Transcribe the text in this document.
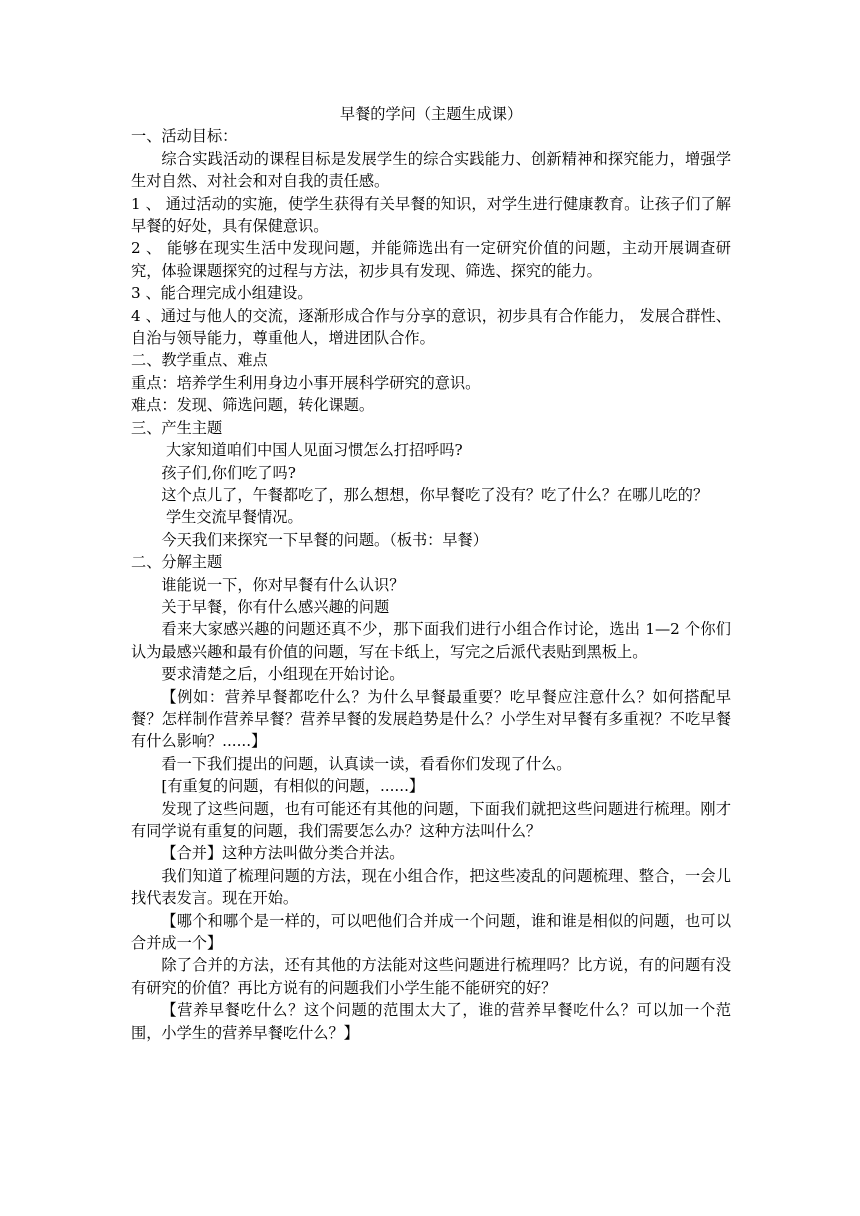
早餐的学问（主题生成课）

一、活动目标：

综合实践活动的课程目标是发展学生的综合实践能力、创新精神和探究能力，增强学生对自然、对社会和对自我的责任感。

1 、 通过活动的实施，使学生获得有关早餐的知识，对学生进行健康教育。让孩子们了解早餐的好处，具有保健意识。

2 、 能够在现实生活中发现问题，并能筛选出有一定研究价值的问题，主动开展调查研究，体验课题探究的过程与方法，初步具有发现、筛选、探究的能力。

3 、能合理完成小组建设。

4 、通过与他人的交流，逐渐形成合作与分享的意识，初步具有合作能力， 发展合群性、自治与领导能力，尊重他人，增进团队合作。

二、教学重点、难点

重点：培养学生利用身边小事开展科学研究的意识。

难点：发现、筛选问题，转化课题。

三、产生主题

大家知道咱们中国人见面习惯怎么打招呼吗?

孩子们,你们吃了吗?

这个点儿了，午餐都吃了，那么想想，你早餐吃了没有？吃了什么？在哪儿吃的？

学生交流早餐情况。

今天我们来探究一下早餐的问题。（板书：早餐）

二、分解主题

谁能说一下，你对早餐有什么认识？

关于早餐，你有什么感兴趣的问题

看来大家感兴趣的问题还真不少，那下面我们进行小组合作讨论，选出 1—2 个你们认为最感兴趣和最有价值的问题，写在卡纸上，写完之后派代表贴到黑板上。

要求清楚之后，小组现在开始讨论。

【例如：营养早餐都吃什么？为什么早餐最重要？吃早餐应注意什么？如何搭配早餐？怎样制作营养早餐？营养早餐的发展趋势是什么？小学生对早餐有多重视？不吃早餐有什么影响？......】

看一下我们提出的问题，认真读一读，看看你们发现了什么。

[有重复的问题，有相似的问题，......】

发现了这些问题，也有可能还有其他的问题，下面我们就把这些问题进行梳理。刚才有同学说有重复的问题，我们需要怎么办？这种方法叫什么？

【合并】这种方法叫做分类合并法。

我们知道了梳理问题的方法，现在小组合作，把这些凌乱的问题梳理、整合，一会儿找代表发言。现在开始。

【哪个和哪个是一样的，可以吧他们合并成一个问题，谁和谁是相似的问题，也可以合并成一个】

除了合并的方法，还有其他的方法能对这些问题进行梳理吗？比方说，有的问题有没有研究的价值？再比方说有的问题我们小学生能不能研究的好？

【营养早餐吃什么？这个问题的范围太大了，谁的营养早餐吃什么？可以加一个范围，小学生的营养早餐吃什么？】
